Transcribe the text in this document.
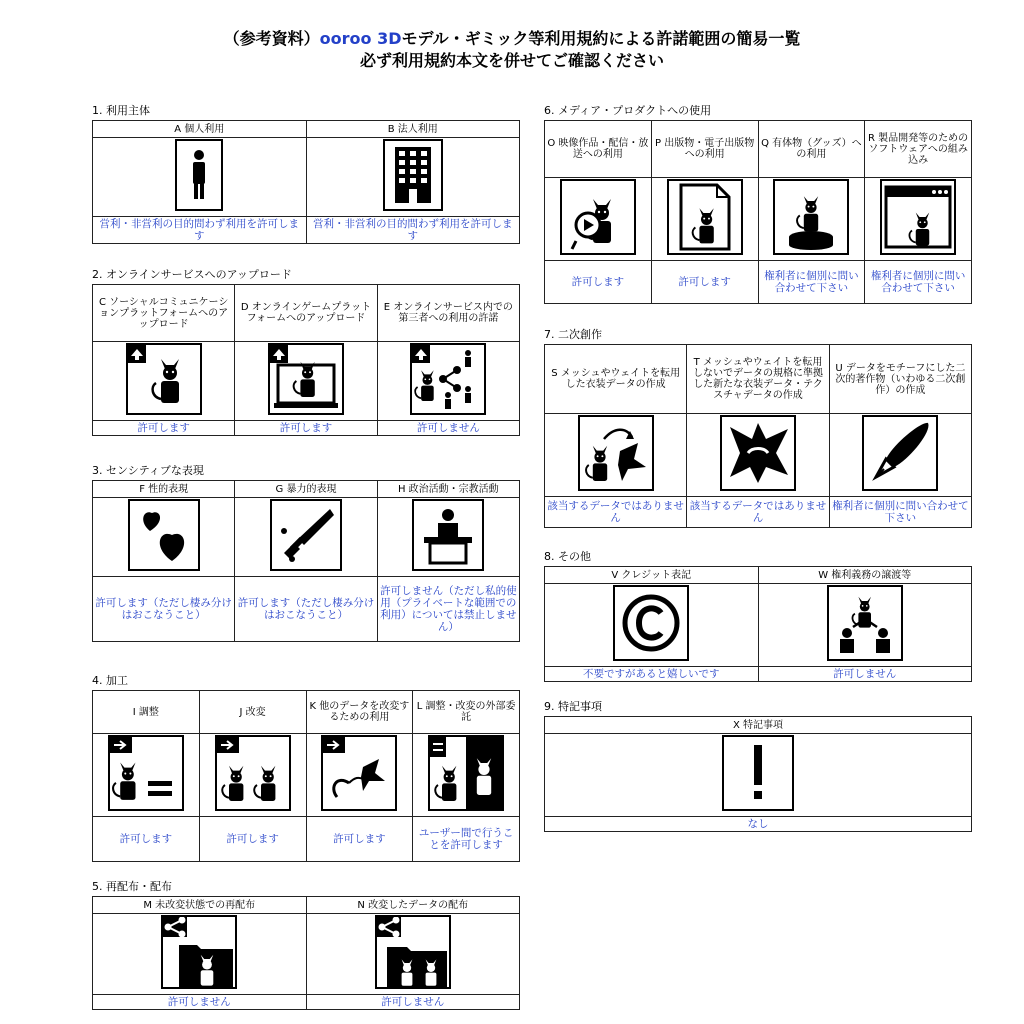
（参考資料）ooroo 3Dモデル・ギミック等利用規約による許諾範囲の簡易一覧
必ず利用規約本文を併せてご確認ください
1. 利用主体
A 個人利用	B 法人利用

営利・非営利の目的問わず利用を許可します	営利・非営利の目的問わず利用を許可します
2. オンラインサービスへのアップロード
C ソーシャルコミュニケーションプラットフォームへのアップロード	D オンラインゲームプラットフォームへのアップロード	E オンラインサービス内での第三者への利用の許諾

許可します	許可します	許可しません
3. センシティブな表現
F 性的表現	G 暴力的表現	H 政治活動・宗教活動

許可します（ただし棲み分けはおこなうこと）	許可します（ただし棲み分けはおこなうこと）	許可しません（ただし私的使用（プライベートな範囲での利用）については禁止しません）
4. 加工
I 調整	J 改変	K 他のデータを改変するための利用	L 調整・改変の外部委託

許可します	許可します	許可します	ユーザー間で行うことを許可します
5. 再配布・配布
M 未改変状態での再配布	N 改変したデータの配布

許可しません	許可しません
6. メディア・プロダクトへの使用
O 映像作品・配信・放送への利用	P 出版物・電子出版物への利用	Q 有体物（グッズ）への利用	R 製品開発等のためのソフトウェアへの組み込み

許可します	許可します	権利者に個別に問い合わせて下さい	権利者に個別に問い合わせて下さい
7. 二次創作
S メッシュやウェイトを転用した衣装データの作成	T メッシュやウェイトを転用しないでデータの規格に準拠した新たな衣装データ・テクスチャデータの作成	U データをモチーフにした二次的著作物（いわゆる二次創作）の作成

該当するデータではありません	該当するデータではありません	権利者に個別に問い合わせて下さい
8. その他
V クレジット表記	W 権利義務の譲渡等

不要ですがあると嬉しいです	許可しません
9. 特記事項
X 特記事項

なし
